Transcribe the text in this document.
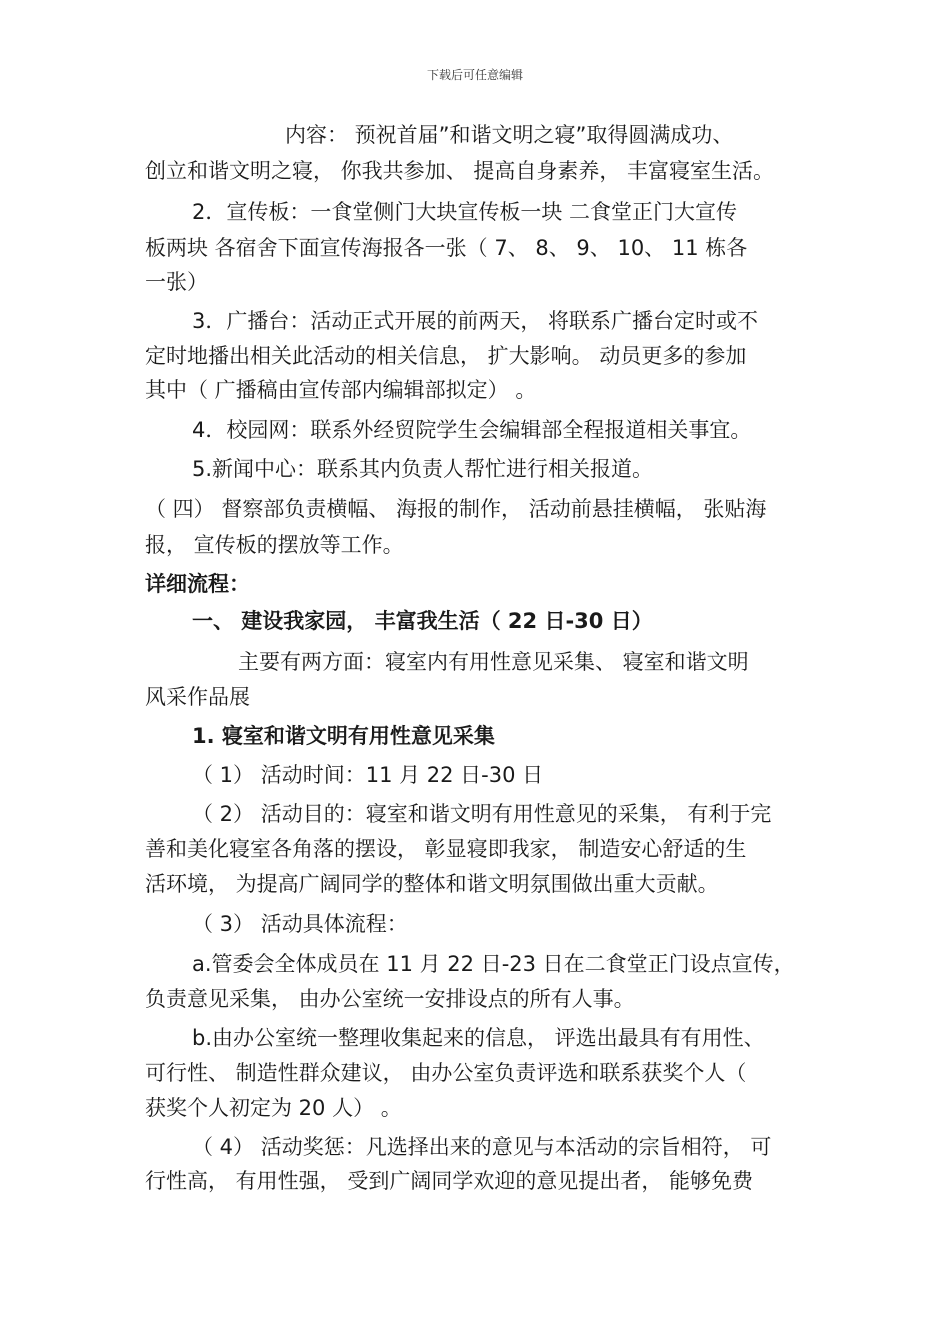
下载后可任意编辑
内容： 预祝首届”和谐文明之寝”取得圆满成功、
创立和谐文明之寝， 你我共参加、 提高自身素养， 丰富寝室生活。
2．宣传板：一食堂侧门大块宣传板一块 二食堂正门大宣传
板两块 各宿舍下面宣传海报各一张（ 7、 8、 9、 10、 11 栋各
一张）
3．广播台：活动正式开展的前两天， 将联系广播台定时或不
定时地播出相关此活动的相关信息， 扩大影响。 动员更多的参加
其中（ 广播稿由宣传部内编辑部拟定） 。
4．校园网：联系外经贸院学生会编辑部全程报道相关事宜。
5.新闻中心：联系其内负责人帮忙进行相关报道。
（ 四） 督察部负责横幅、 海报的制作， 活动前悬挂横幅， 张贴海
报， 宣传板的摆放等工作。
详细流程：
一、 建设我家园， 丰富我生活（ 22 日-30 日）
主要有两方面：寝室内有用性意见采集、 寝室和谐文明
风采作品展
1. 寝室和谐文明有用性意见采集
（ 1） 活动时间：11 月 22 日-30 日
（ 2） 活动目的：寝室和谐文明有用性意见的采集， 有利于完
善和美化寝室各角落的摆设， 彰显寝即我家， 制造安心舒适的生
活环境， 为提高广阔同学的整体和谐文明氛围做出重大贡献。
（ 3） 活动具体流程：
a.管委会全体成员在 11 月 22 日-23 日在二食堂正门设点宣传，
负责意见采集， 由办公室统一安排设点的所有人事。
b.由办公室统一整理收集起来的信息， 评选出最具有有用性、
可行性、 制造性群众建议， 由办公室负责评选和联系获奖个人（
获奖个人初定为 20 人） 。
（ 4） 活动奖惩：凡选择出来的意见与本活动的宗旨相符， 可
行性高， 有用性强， 受到广阔同学欢迎的意见提出者， 能够免费
